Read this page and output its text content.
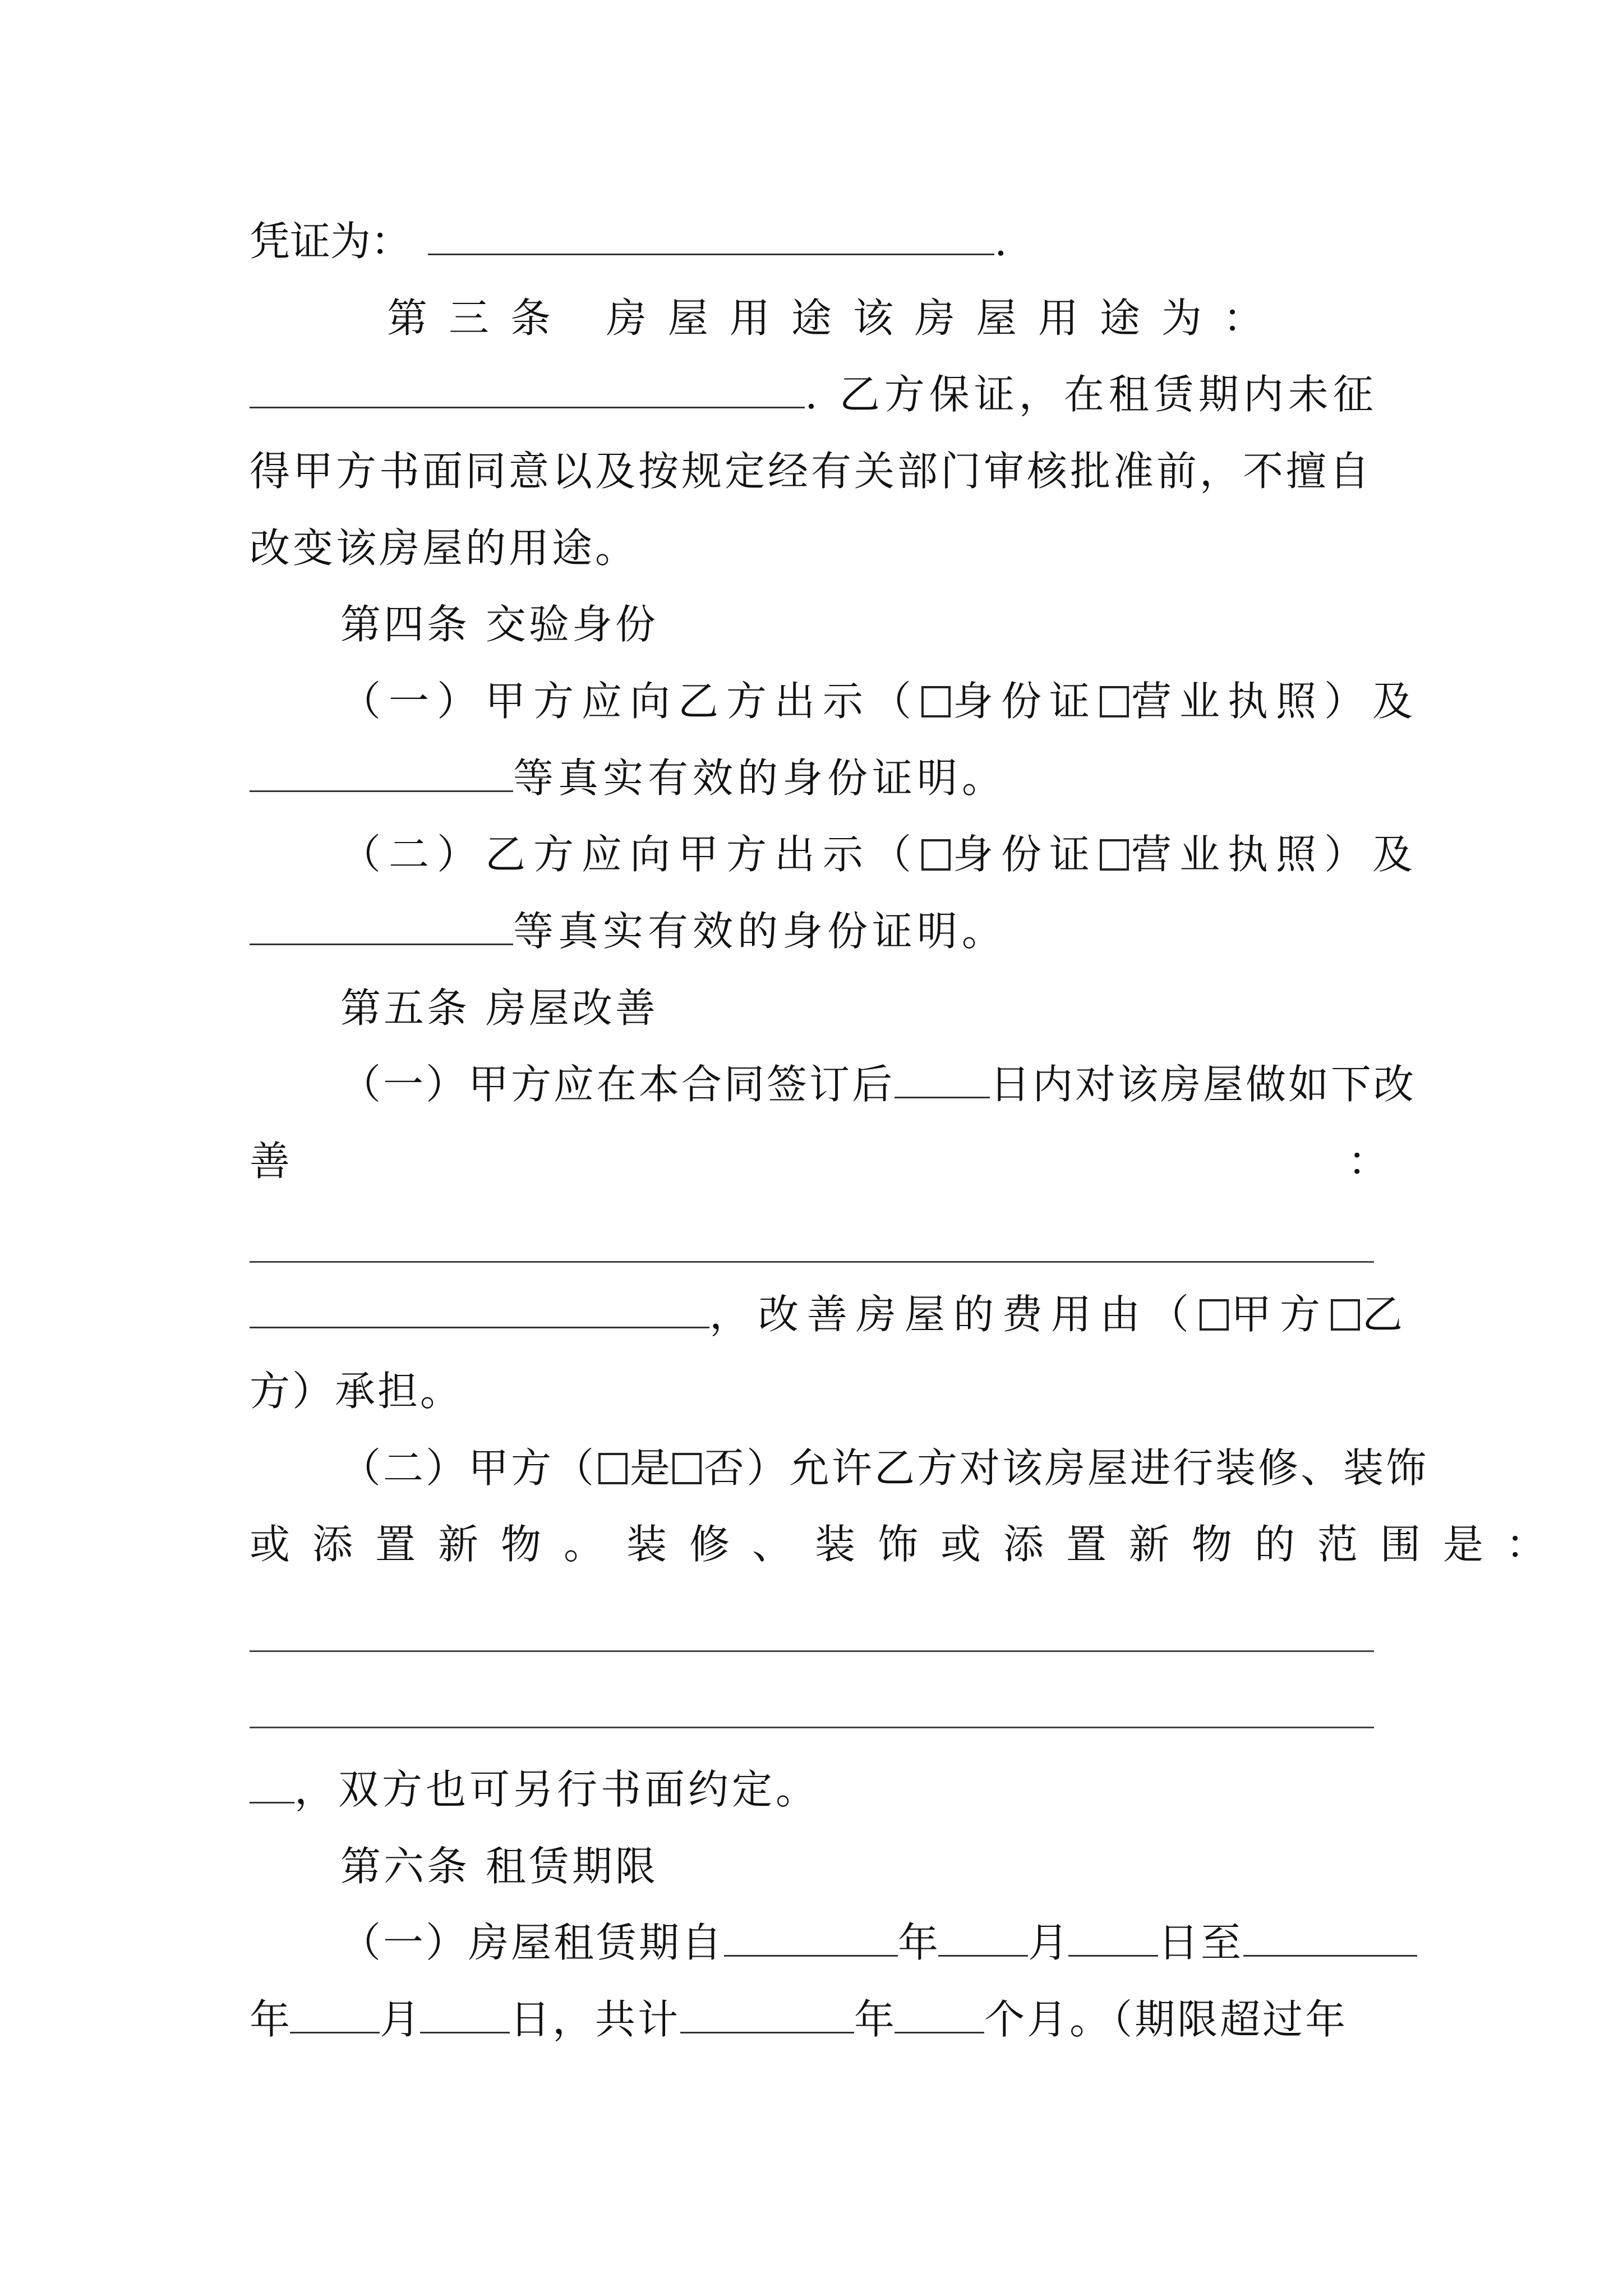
凭证为：	.
第三条 房屋用途该房屋用途为：
. 乙方保证，在租赁期内未征
得甲方书面同意以及按规定经有关部门审核批准前，不擅自
改变该房屋的用途。
第四条 交验身份
（一）甲方应向乙方出示（ 身份证 营业执照）及
等真实有效的身份证明。
（二）乙方应向甲方出示（ 身份证 营业执照）及
等真实有效的身份证明。
第五条 房屋改善
（一）甲方应在本合同签订后 日内对该房屋做如下改
善	：
，改善房屋的费用由（ 甲方 乙
方）承担。
（二）甲方（ 是 否）允许乙方对该房屋进行装修、装饰
或添置新物。装修、装饰或添置新物的范围是：
，双方也可另行书面约定。
第六条 租赁期限
（一）房屋租赁期自	年 月 日至
年 月 日，共计	年 个月。（期限超过年
